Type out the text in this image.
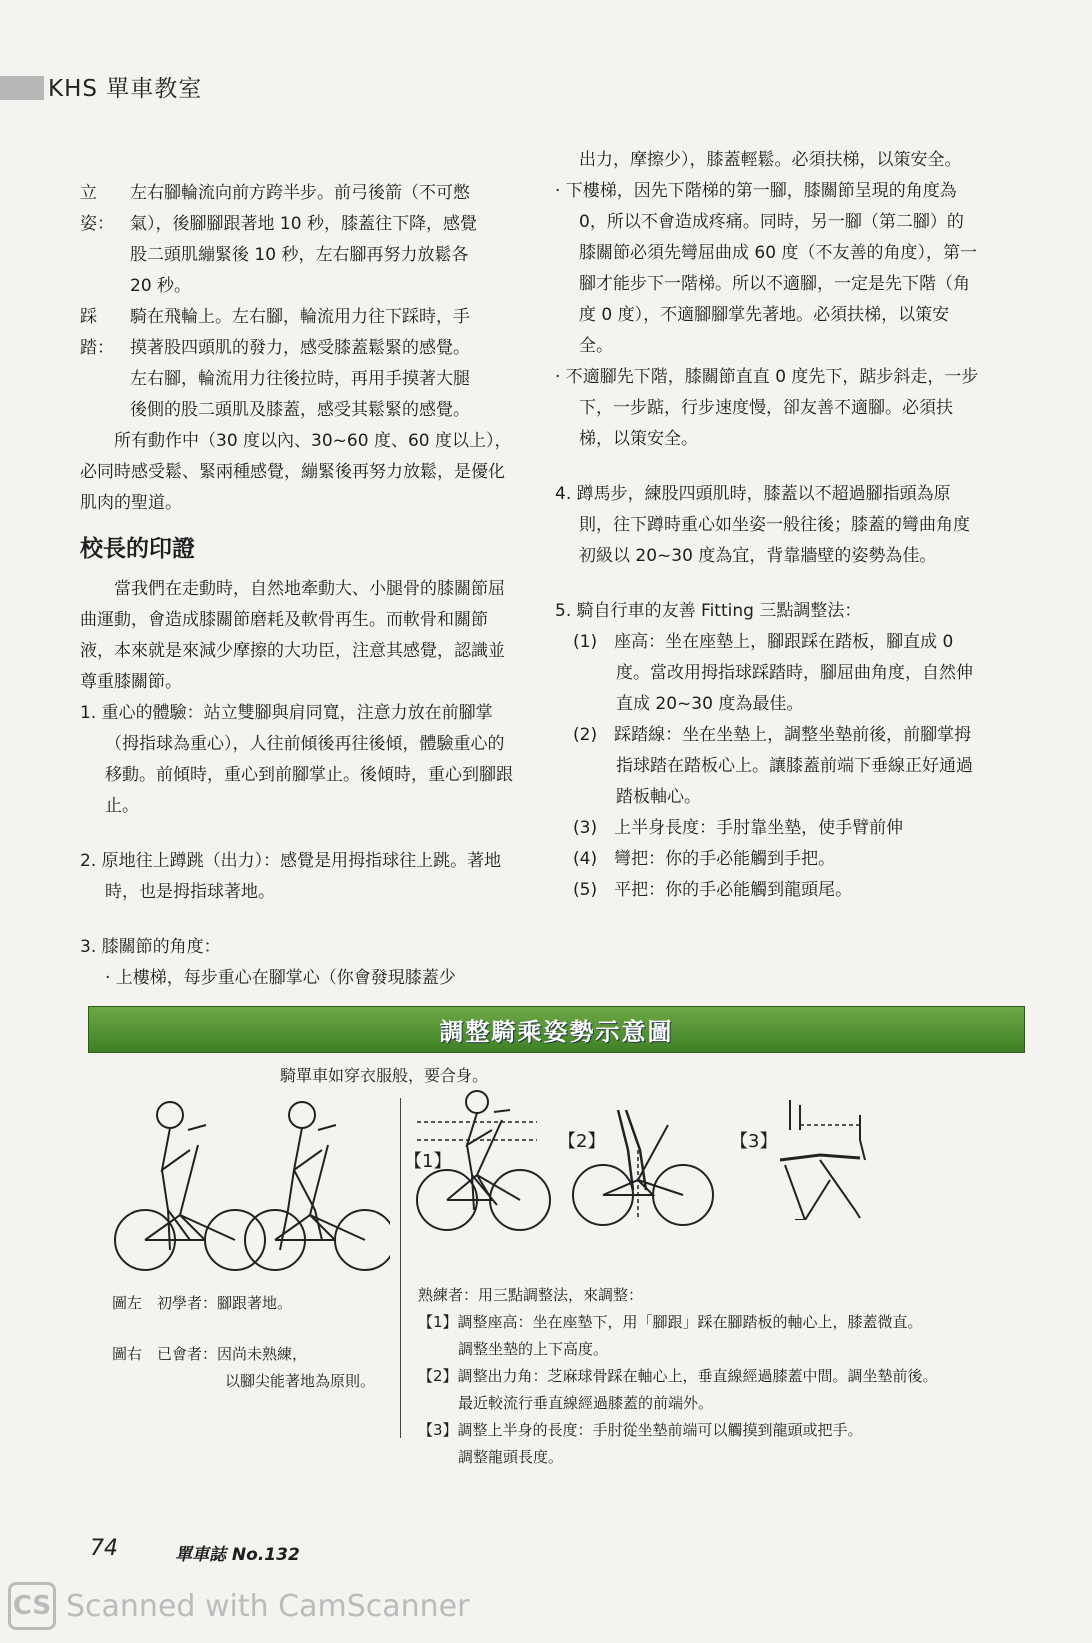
KHS 單車教室
立姿：

左右腳輪流向前方跨半步。前弓後箭（不可憋

氣），後腳腳跟著地 10 秒，膝蓋往下降，感覺

股二頭肌繃緊後 10 秒，左右腳再努力放鬆各

20 秒。

踩踏：

騎在飛輪上。左右腳，輪流用力往下踩時，手

摸著股四頭肌的發力，感受膝蓋鬆緊的感覺。

左右腳，輪流用力往後拉時，再用手摸著大腿

後側的股二頭肌及膝蓋，感受其鬆緊的感覺。

所有動作中（30 度以內、30~60 度、60 度以上），必同時感受鬆、緊兩種感覺，繃緊後再努力放鬆，是優化肌肉的聖道。

校長的印證

當我們在走動時，自然地牽動大、小腿骨的膝關節屈曲運動，會造成膝關節磨耗及軟骨再生。而軟骨和關節液，本來就是來減少摩擦的大功臣，注意其感覺，認識並尊重膝關節。

1. 重心的體驗：站立雙腳與肩同寬，注意力放在前腳掌（拇指球為重心），人往前傾後再往後傾，體驗重心的移動。前傾時，重心到前腳掌止。後傾時，重心到腳跟止。

2. 原地往上蹲跳（出力）：感覺是用拇指球往上跳。著地時，也是拇指球著地。

3. 膝關節的角度：

· 上樓梯，每步重心在腳掌心（你會發現膝蓋少

出力，摩擦少），膝蓋輕鬆。必須扶梯，以策安全。

· 下樓梯，因先下階梯的第一腳，膝關節呈現的角度為 0，所以不會造成疼痛。同時，另一腳（第二腳）的膝關節必須先彎屈曲成 60 度（不友善的角度），第一腳才能步下一階梯。所以不適腳，一定是先下階（角度 0 度），不適腳腳掌先著地。必須扶梯，以策安全。

· 不適腳先下階，膝關節直直 0 度先下，踮步斜走，一步下，一步踮，行步速度慢，卻友善不適腳。必須扶梯，以策安全。

4. 蹲馬步，練股四頭肌時，膝蓋以不超過腳指頭為原則，往下蹲時重心如坐姿一般往後；膝蓋的彎曲角度初級以 20~30 度為宜，背靠牆壁的姿勢為佳。

5. 騎自行車的友善 Fitting 三點調整法：

(1)　座高：坐在座墊上，腳跟踩在踏板，腳直成 0 度。當改用拇指球踩踏時，腳屈曲角度，自然伸直成 20~30 度為最佳。

(2)　踩踏線：坐在坐墊上，調整坐墊前後，前腳掌拇指球踏在踏板心上。讓膝蓋前端下垂線正好通過踏板軸心。

(3)　上半身長度：手肘靠坐墊，使手臂前伸

(4)　彎把：你的手必能觸到手把。

(5)　平把：你的手必能觸到龍頭尾。

調整騎乘姿勢示意圖
騎單車如穿衣服般，要合身。
【1】
【2】	【3】

圖左　初學者：腳跟著地。

圖右　已會者：因尚未熟練，

以腳尖能著地為原則。

熟練者：用三點調整法，來調整：

【1】調整座高：坐在座墊下，用「腳跟」踩在腳踏板的軸心上，膝蓋微直。

調整坐墊的上下高度。

【2】調整出力角：芝麻球骨踩在軸心上，垂直線經過膝蓋中間。調坐墊前後。

最近較流行垂直線經過膝蓋的前端外。

【3】調整上半身的長度：手肘從坐墊前端可以觸摸到龍頭或把手。

調整龍頭長度。

74	單車誌 No.132
CS Scanned with CamScanner
